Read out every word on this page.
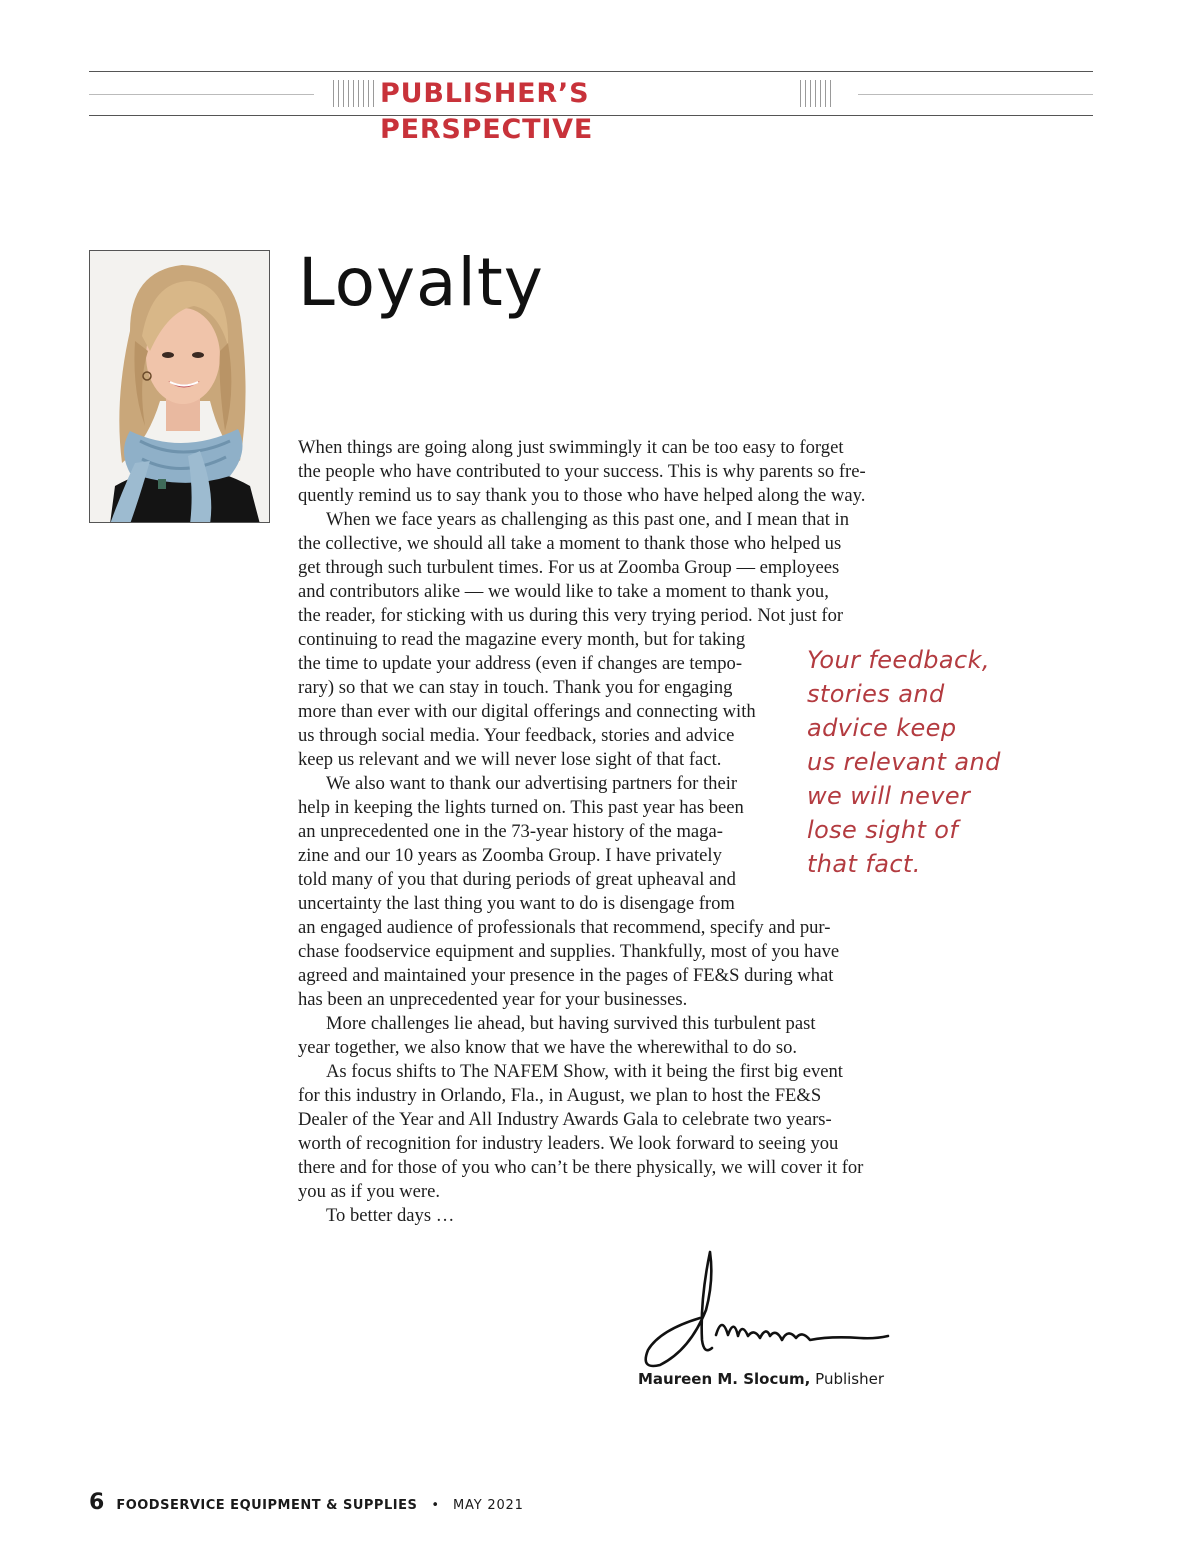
PUBLISHER’S PERSPECTIVE
Loyalty
When things are going along just swimmingly it can be too easy to forget
the people who have contributed to your success. This is why parents so fre-
quently remind us to say thank you to those who have helped along the way.
When we face years as challenging as this past one, and I mean that in
the collective, we should all take a moment to thank those who helped us
get through such turbulent times. For us at Zoomba Group — employees
and contributors alike — we would like to take a moment to thank you,
the reader, for sticking with us during this very trying period. Not just for
continuing to read the magazine every month, but for taking
the time to update your address (even if changes are tempo-
rary) so that we can stay in touch. Thank you for engaging
more than ever with our digital offerings and connecting with
us through social media. Your feedback, stories and advice
keep us relevant and we will never lose sight of that fact.
We also want to thank our advertising partners for their
help in keeping the lights turned on. This past year has been
an unprecedented one in the 73-year history of the maga-
zine and our 10 years as Zoomba Group. I have privately
told many of you that during periods of great upheaval and
uncertainty the last thing you want to do is disengage from
an engaged audience of professionals that recommend, specify and pur-
chase foodservice equipment and supplies. Thankfully, most of you have
agreed and maintained your presence in the pages of FE&S during what
has been an unprecedented year for your businesses.
More challenges lie ahead, but having survived this turbulent past
year together, we also know that we have the wherewithal to do so.
As focus shifts to The NAFEM Show, with it being the first big event
for this industry in Orlando, Fla., in August, we plan to host the FE&S
Dealer of the Year and All Industry Awards Gala to celebrate two years-
worth of recognition for industry leaders. We look forward to seeing you
there and for those of you who can’t be there physically, we will cover it for
you as if you were.
To better days …
Your feedback,
stories and
advice keep
us relevant and
we will never
lose sight of
that fact.
Maureen M. Slocum, Publisher
6 FOODSERVICE EQUIPMENT & SUPPLIES • MAY 2021
